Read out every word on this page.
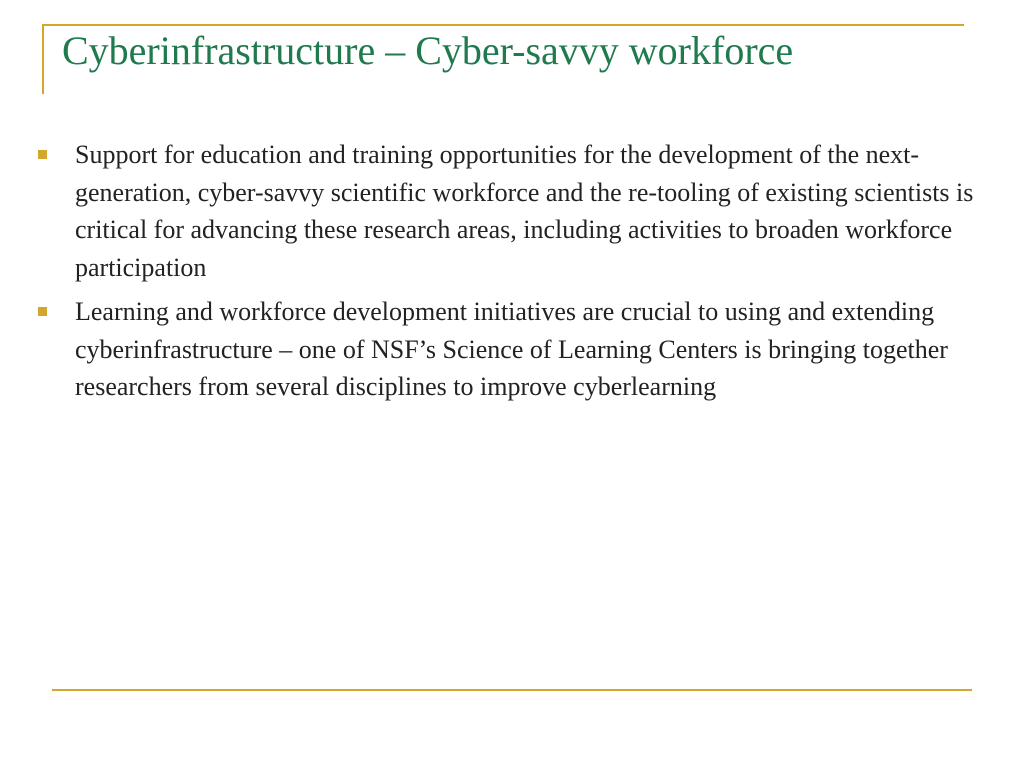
Cyberinfrastructure – Cyber-savvy workforce
Support for education and training opportunities for the development of the next-generation, cyber-savvy scientific workforce and the re-tooling of existing scientists is critical for advancing these research areas, including activities to broaden workforce participation
Learning and workforce development initiatives are crucial to using and extending cyberinfrastructure – one of NSF’s Science of Learning Centers is bringing together researchers from several disciplines to improve cyberlearning
